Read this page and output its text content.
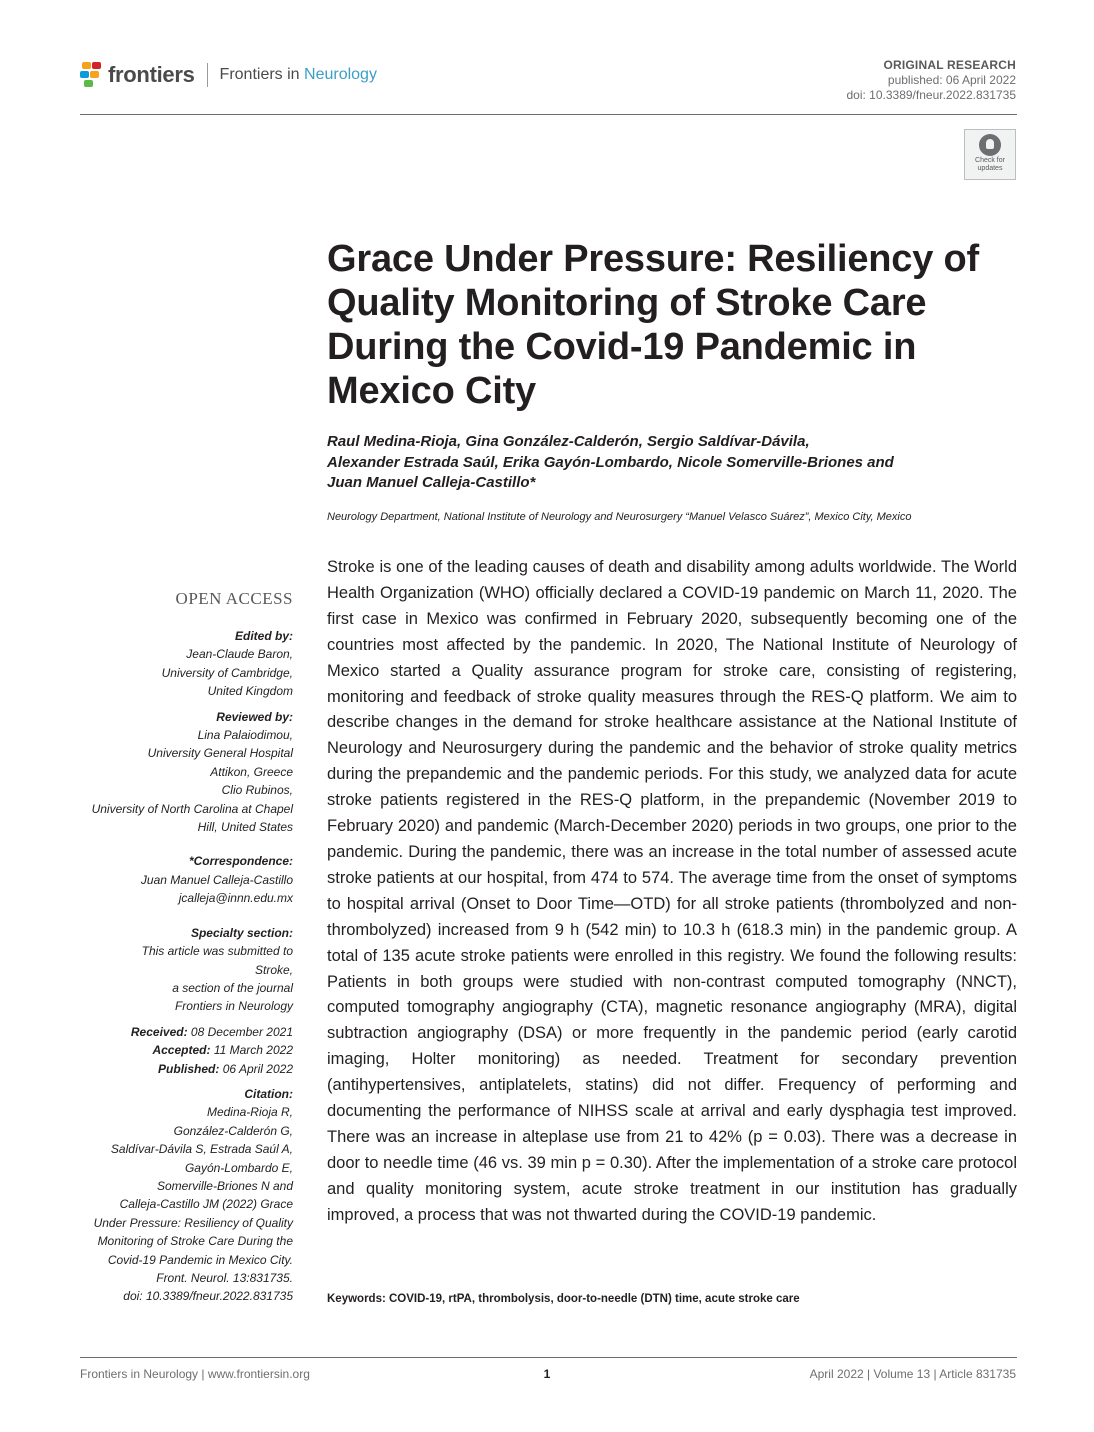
frontiers Frontiers in Neurology
ORIGINAL RESEARCH
published: 06 April 2022
doi: 10.3389/fneur.2022.831735
Check for
updates
Grace Under Pressure: Resiliency of Quality Monitoring of Stroke Care During the Covid-19 Pandemic in Mexico City
Raul Medina-Rioja, Gina González-Calderón, Sergio Saldívar-Dávila,
Alexander Estrada Saúl, Erika Gayón-Lombardo, Nicole Somerville-Briones and
Juan Manuel Calleja-Castillo*
Neurology Department, National Institute of Neurology and Neurosurgery “Manuel Velasco Suárez”, Mexico City, Mexico
OPEN ACCESS
Edited by:
Jean-Claude Baron,
University of Cambridge,
United Kingdom
Reviewed by:
Lina Palaiodimou,
University General Hospital
Attikon, Greece
Clio Rubinos,
University of North Carolina at Chapel
Hill, United States
*Correspondence:
Juan Manuel Calleja-Castillo
jcalleja@innn.edu.mx
Specialty section:
This article was submitted to
Stroke,
a section of the journal
Frontiers in Neurology
Received: 08 December 2021
Accepted: 11 March 2022
Published: 06 April 2022
Citation:
Medina-Rioja R,
González-Calderón G,
Saldívar-Dávila S, Estrada Saúl A,
Gayón-Lombardo E,
Somerville-Briones N and
Calleja-Castillo JM (2022) Grace
Under Pressure: Resiliency of Quality
Monitoring of Stroke Care During the
Covid-19 Pandemic in Mexico City.
Front. Neurol. 13:831735.
doi: 10.3389/fneur.2022.831735

Stroke is one of the leading causes of death and disability among adults worldwide. The World Health Organization (WHO) officially declared a COVID-19 pandemic on March 11, 2020. The first case in Mexico was confirmed in February 2020, subsequently becoming one of the countries most affected by the pandemic. In 2020, The National Institute of Neurology of Mexico started a Quality assurance program for stroke care, consisting of registering, monitoring and feedback of stroke quality measures through the RES-Q platform. We aim to describe changes in the demand for stroke healthcare assistance at the National Institute of Neurology and Neurosurgery during the pandemic and the behavior of stroke quality metrics during the prepandemic and the pandemic periods. For this study, we analyzed data for acute stroke patients registered in the RES-Q platform, in the prepandemic (November 2019 to February 2020) and pandemic (March-December 2020) periods in two groups, one prior to the pandemic. During the pandemic, there was an increase in the total number of assessed acute stroke patients at our hospital, from 474 to 574. The average time from the onset of symptoms to hospital arrival (Onset to Door Time—OTD) for all stroke patients (thrombolyzed and non-thrombolyzed) increased from 9 h (542 min) to 10.3 h (618.3 min) in the pandemic group. A total of 135 acute stroke patients were enrolled in this registry. We found the following results: Patients in both groups were studied with non-contrast computed tomography (NNCT), computed tomography angiography (CTA), magnetic resonance angiography (MRA), digital subtraction angiography (DSA) or more frequently in the pandemic period (early carotid imaging, Holter monitoring) as needed. Treatment for secondary prevention (antihypertensives, antiplatelets, statins) did not differ. Frequency of performing and documenting the performance of NIHSS scale at arrival and early dysphagia test improved. There was an increase in alteplase use from 21 to 42% (p = 0.03). There was a decrease in door to needle time (46 vs. 39 min p = 0.30). After the implementation of a stroke care protocol and quality monitoring system, acute stroke treatment in our institution has gradually improved, a process that was not thwarted during the COVID-19 pandemic.

Keywords: COVID-19, rtPA, thrombolysis, door-to-needle (DTN) time, acute stroke care
Frontiers in Neurology | www.frontiersin.org	1	April 2022 | Volume 13 | Article 831735
